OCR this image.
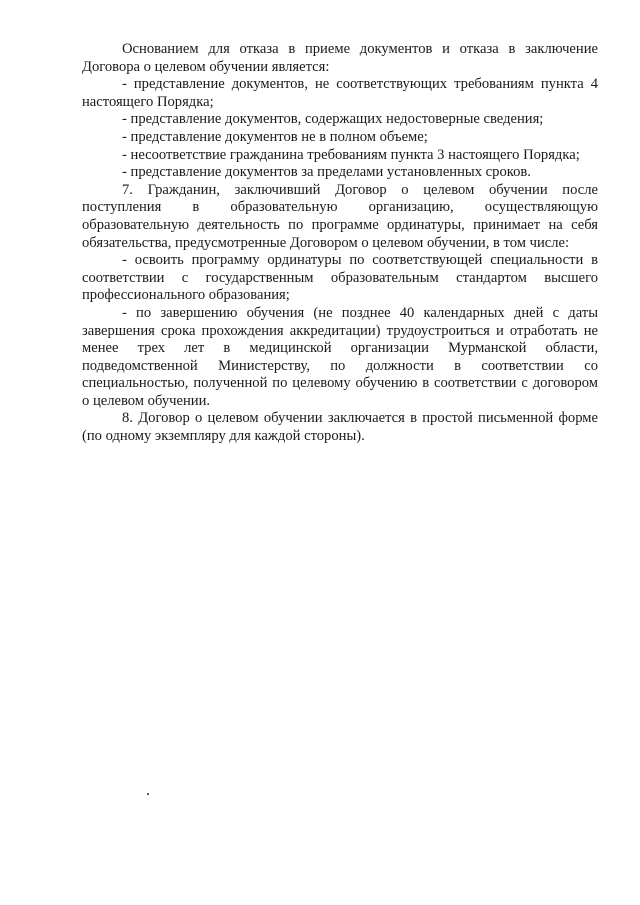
Основанием для отказа в приеме документов и отказа в заключение Договора о целевом обучении является:

- представление документов, не соответствующих требованиям пункта 4 настоящего Порядка;

- представление документов, содержащих недостоверные сведения;

- представление документов не в полном объеме;

- несоответствие гражданина требованиям пункта 3 настоящего Порядка;

- представление документов за пределами установленных сроков.

7. Гражданин, заключивший Договор о целевом обучении после поступления в образовательную организацию, осуществляющую образовательную деятельность по программе ординатуры, принимает на себя обязательства, предусмотренные Договором о целевом обучении, в том числе:

- освоить программу ординатуры по соответствующей специальности в соответствии с государственным образовательным стандартом высшего профессионального образования;

- по завершению обучения (не позднее 40 календарных дней с даты завершения срока прохождения аккредитации) трудоустроиться и отработать не менее трех лет в медицинской организации Мурманской области, подведомственной Министерству, по должности в соответствии со специальностью, полученной по целевому обучению в соответствии с договором о целевом обучении.

8. Договор о целевом обучении заключается в простой письменной форме (по одному экземпляру для каждой стороны).
